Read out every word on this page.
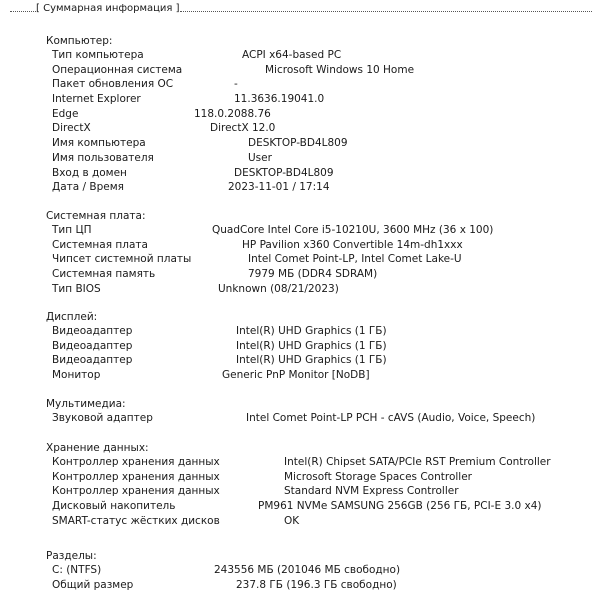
[ Суммарная информация ]
Компьютер:
Тип компьютера	ACPI x64-based PC
Операционная система	Microsoft Windows 10 Home
Пакет обновления ОС	-
Internet Explorer	11.3636.19041.0
Edge	118.0.2088.76
DirectX	DirectX 12.0
Имя компьютера	DESKTOP-BD4L809
Имя пользователя	User
Вход в домен	DESKTOP-BD4L809
Дата / Время	2023-11-01 / 17:14
Системная плата:
Тип ЦП	QuadCore Intel Core i5-10210U, 3600 MHz (36 x 100)
Системная плата	HP Pavilion x360 Convertible 14m-dh1xxx
Чипсет системной платы	Intel Comet Point-LP, Intel Comet Lake-U
Системная память	7979 МБ (DDR4 SDRAM)
Тип BIOS	Unknown (08/21/2023)
Дисплей:
Видеоадаптер	Intel(R) UHD Graphics (1 ГБ)
Видеоадаптер	Intel(R) UHD Graphics (1 ГБ)
Видеоадаптер	Intel(R) UHD Graphics (1 ГБ)
Монитор	Generic PnP Monitor [NoDB]
Мультимедиа:
Звуковой адаптер	Intel Comet Point-LP PCH - cAVS (Audio, Voice, Speech)
Хранение данных:
Контроллер хранения данных	Intel(R) Chipset SATA/PCIe RST Premium Controller
Контроллер хранения данных	Microsoft Storage Spaces Controller
Контроллер хранения данных	Standard NVM Express Controller
Дисковый накопитель	PM961 NVMe SAMSUNG 256GB (256 ГБ, PCI-E 3.0 x4)
SMART-статус жёстких дисков	OK
Разделы:
C: (NTFS)	243556 МБ (201046 МБ свободно)
Общий размер	237.8 ГБ (196.3 ГБ свободно)
